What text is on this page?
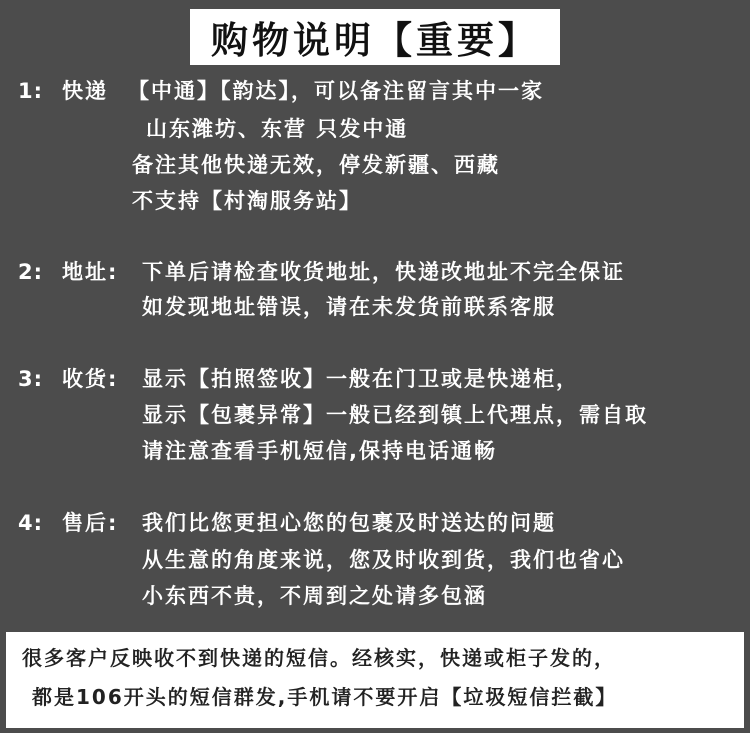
购物说明【重要】
1: 快递 【中通】【韵达】，可以备注留言其中一家
山东潍坊、东营 只发中通
备注其他快递无效，停发新疆、西藏
不支持【村淘服务站】
2: 地址: 下单后请检查收货地址，快递改地址不完全保证
如发现地址错误，请在未发货前联系客服
3: 收货: 显示【拍照签收】一般在门卫或是快递柜，
显示【包裹异常】一般已经到镇上代理点，需自取
请注意查看手机短信,保持电话通畅
4: 售后: 我们比您更担心您的包裹及时送达的问题
从生意的角度来说，您及时收到货，我们也省心
小东西不贵，不周到之处请多包涵
很多客户反映收不到快递的短信。经核实，快递或柜子发的，
都是106开头的短信群发,手机请不要开启【垃圾短信拦截】
